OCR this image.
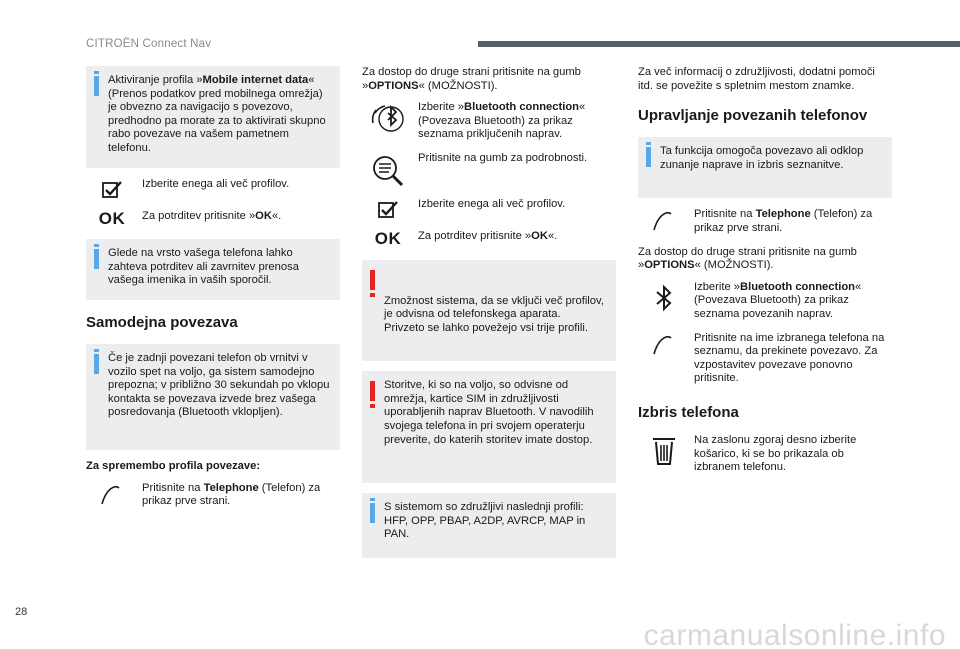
CITROËN Connect Nav
Aktiviranje profila »Mobile internet data« (Prenos podatkov pred mobilnega omrežja) je obvezno za navigacijo s povezovo, predhodno pa morate za to aktivirati skupno rabo povezave na vašem pametnem telefonu.
Izberite enega ali več profilov.
OK	Za potrditev pritisnite »OK«.
Glede na vrsto vašega telefona lahko zahteva potrditev ali zavrnitev prenosa vašega imenika in vaših sporočil.
Samodejna povezava
Če je zadnji povezani telefon ob vrnitvi v vozilo spet na voljo, ga sistem samodejno prepozna; v približno 30 sekundah po vklopu kontakta se povezava izvede brez vašega posredovanja (Bluetooth vklopljen).
Za spremembo profila povezave:
Pritisnite na Telephone (Telefon) za prikaz prve strani.
Za dostop do druge strani pritisnite na gumb »OPTIONS« (MOŽNOSTI).
Izberite »Bluetooth connection« (Povezava Bluetooth) za prikaz seznama priključenih naprav.
Pritisnite na gumb za podrobnosti.
Izberite enega ali več profilov.
OK	Za potrditev pritisnite »OK«.

Zmožnost sistema, da se vključi več profilov, je odvisna od telefonskega aparata.
Privzeto se lahko povežejo vsi trije profili.

Storitve, ki so na voljo, so odvisne od omrežja, kartice SIM in združljivosti uporabljenih naprav Bluetooth. V navodilih svojega telefona in pri svojem operaterju preverite, do katerih storitev imate dostop.
S sistemom so združljivi naslednji profili: HFP, OPP, PBAP, A2DP, AVRCP, MAP in PAN.
Za več informacij o združljivosti, dodatni pomoči itd. se povežite s spletnim mestom znamke.
Upravljanje povezanih telefonov
Ta funkcija omogoča povezavo ali odklop zunanje naprave in izbris seznanitve.
Pritisnite na Telephone (Telefon) za prikaz prve strani.
Za dostop do druge strani pritisnite na gumb »OPTIONS« (MOŽNOSTI).
Izberite »Bluetooth connection« (Povezava Bluetooth) za prikaz seznama povezanih naprav.
Pritisnite na ime izbranega telefona na seznamu, da prekinete povezavo. Za vzpostavitev povezave ponovno pritisnite.
Izbris telefona
Na zaslonu zgoraj desno izberite košarico, ki se bo prikazala ob izbranem telefonu.
28
carmanualsonline.info
